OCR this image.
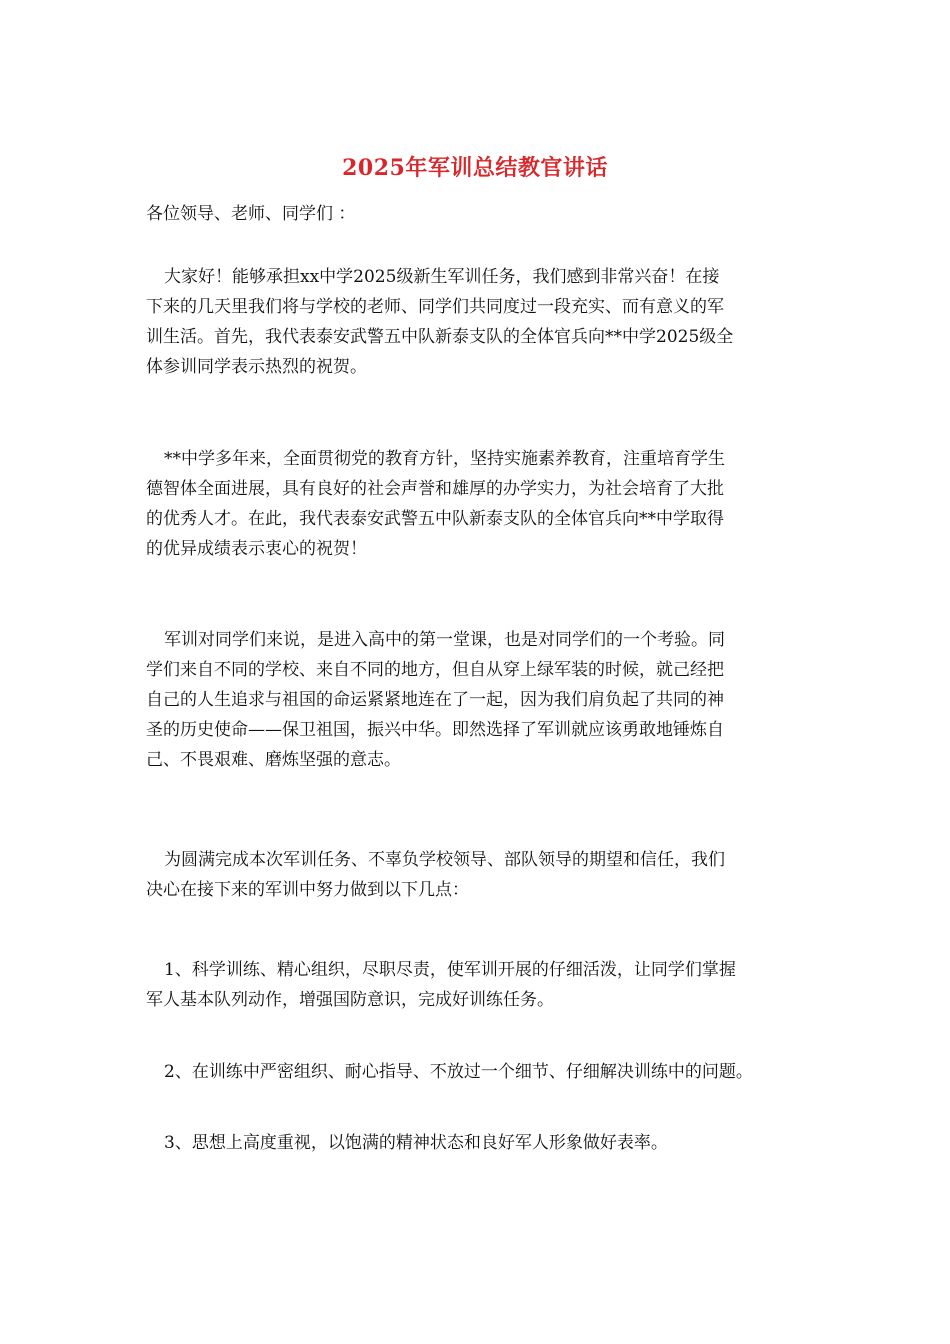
2025年军训总结教官讲话
各位领导、老师、同学们 ：
大家好！能够承担xx中学2025级新生军训任务，我们感到非常兴奋！在接
下来的几天里我们将与学校的老师、同学们共同度过一段充实、而有意义的军
训生活。首先，我代表泰安武警五中队新泰支队的全体官兵向**中学2025级全
体参训同学表示热烈的祝贺。
**中学多年来，全面贯彻党的教育方针，坚持实施素养教育，注重培育学生
德智体全面进展，具有良好的社会声誉和雄厚的办学实力，为社会培育了大批
的优秀人才。在此，我代表泰安武警五中队新泰支队的全体官兵向**中学取得
的优异成绩表示衷心的祝贺！
军训对同学们来说，是进入高中的第一堂课，也是对同学们的一个考验。同
学们来自不同的学校、来自不同的地方，但自从穿上绿军装的时候，就己经把
自己的人生追求与祖国的命运紧紧地连在了一起，因为我们肩负起了共同的神
圣的历史使命——保卫祖国，振兴中华。即然选择了军训就应该勇敢地锤炼自
己、不畏艰难、磨炼坚强的意志。
为圆满完成本次军训任务、不辜负学校领导、部队领导的期望和信任，我们
决心在接下来的军训中努力做到以下几点：
1、科学训练、精心组织，尽职尽责，使军训开展的仔细活泼，让同学们掌握
军人基本队列动作，增强国防意识，完成好训练任务。
2、在训练中严密组织、耐心指导、不放过一个细节、仔细解决训练中的问题。
3、思想上高度重视，以饱满的精神状态和良好军人形象做好表率。
